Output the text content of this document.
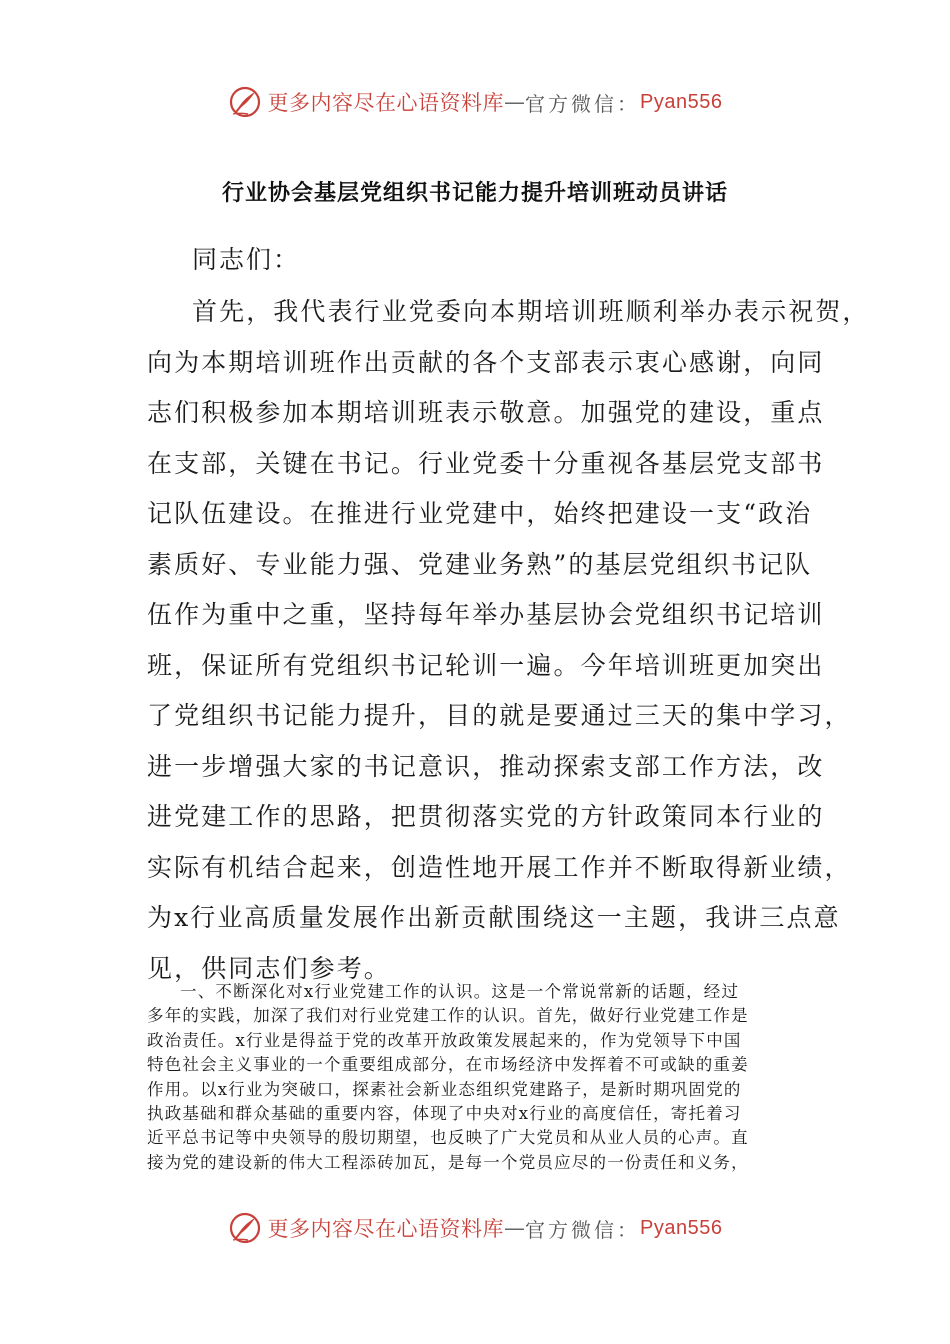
更多内容尽在心语资料库 — 官方微信： Pyan556
行业协会基层党组织书记能力提升培训班动员讲话
同志们：
首先，我代表行业党委向本期培训班顺利举办表示祝贺，
向为本期培训班作出贡献的各个支部表示衷心感谢，向同
志们积极参加本期培训班表示敬意。加强党的建设，重点
在支部，关键在书记。行业党委十分重视各基层党支部书
记队伍建设。在推进行业党建中，始终把建设一支“政治
素质好、专业能力强、党建业务熟”的基层党组织书记队
伍作为重中之重，坚持每年举办基层协会党组织书记培训
班，保证所有党组织书记轮训一遍。今年培训班更加突出
了党组织书记能力提升，目的就是要通过三天的集中学习，
进一步增强大家的书记意识，推动探索支部工作方法，改
进党建工作的思路，把贯彻落实党的方针政策同本行业的
实际有机结合起来，创造性地开展工作并不断取得新业绩，
为x行业高质量发展作出新贡献围绕这一主题，我讲三点意
见，供同志们参考。
一、不断深化对x行业党建工作的认识。这是一个常说常新的话题，经过
多年的实践，加深了我们对行业党建工作的认识。首先，做好行业党建工作是
政治责任。x行业是得益于党的改革开放政策发展起来的，作为党领导下中国
特色社会主义事业的一个重要组成部分，在市场经济中发挥着不可或缺的重姜
作用。以x行业为突破口，探素社会新业态组织党建路子，是新时期巩固党的
执政基础和群众基础的重要内容，体现了中央对x行业的高度信任，寄托着习
近平总书记等中央领导的殷切期望，也反映了广大党员和从业人员的心声。直
接为党的建设新的伟大工程添砖加瓦，是每一个党员应尽的一份责任和义务，
更多内容尽在心语资料库 — 官方微信： Pyan556
